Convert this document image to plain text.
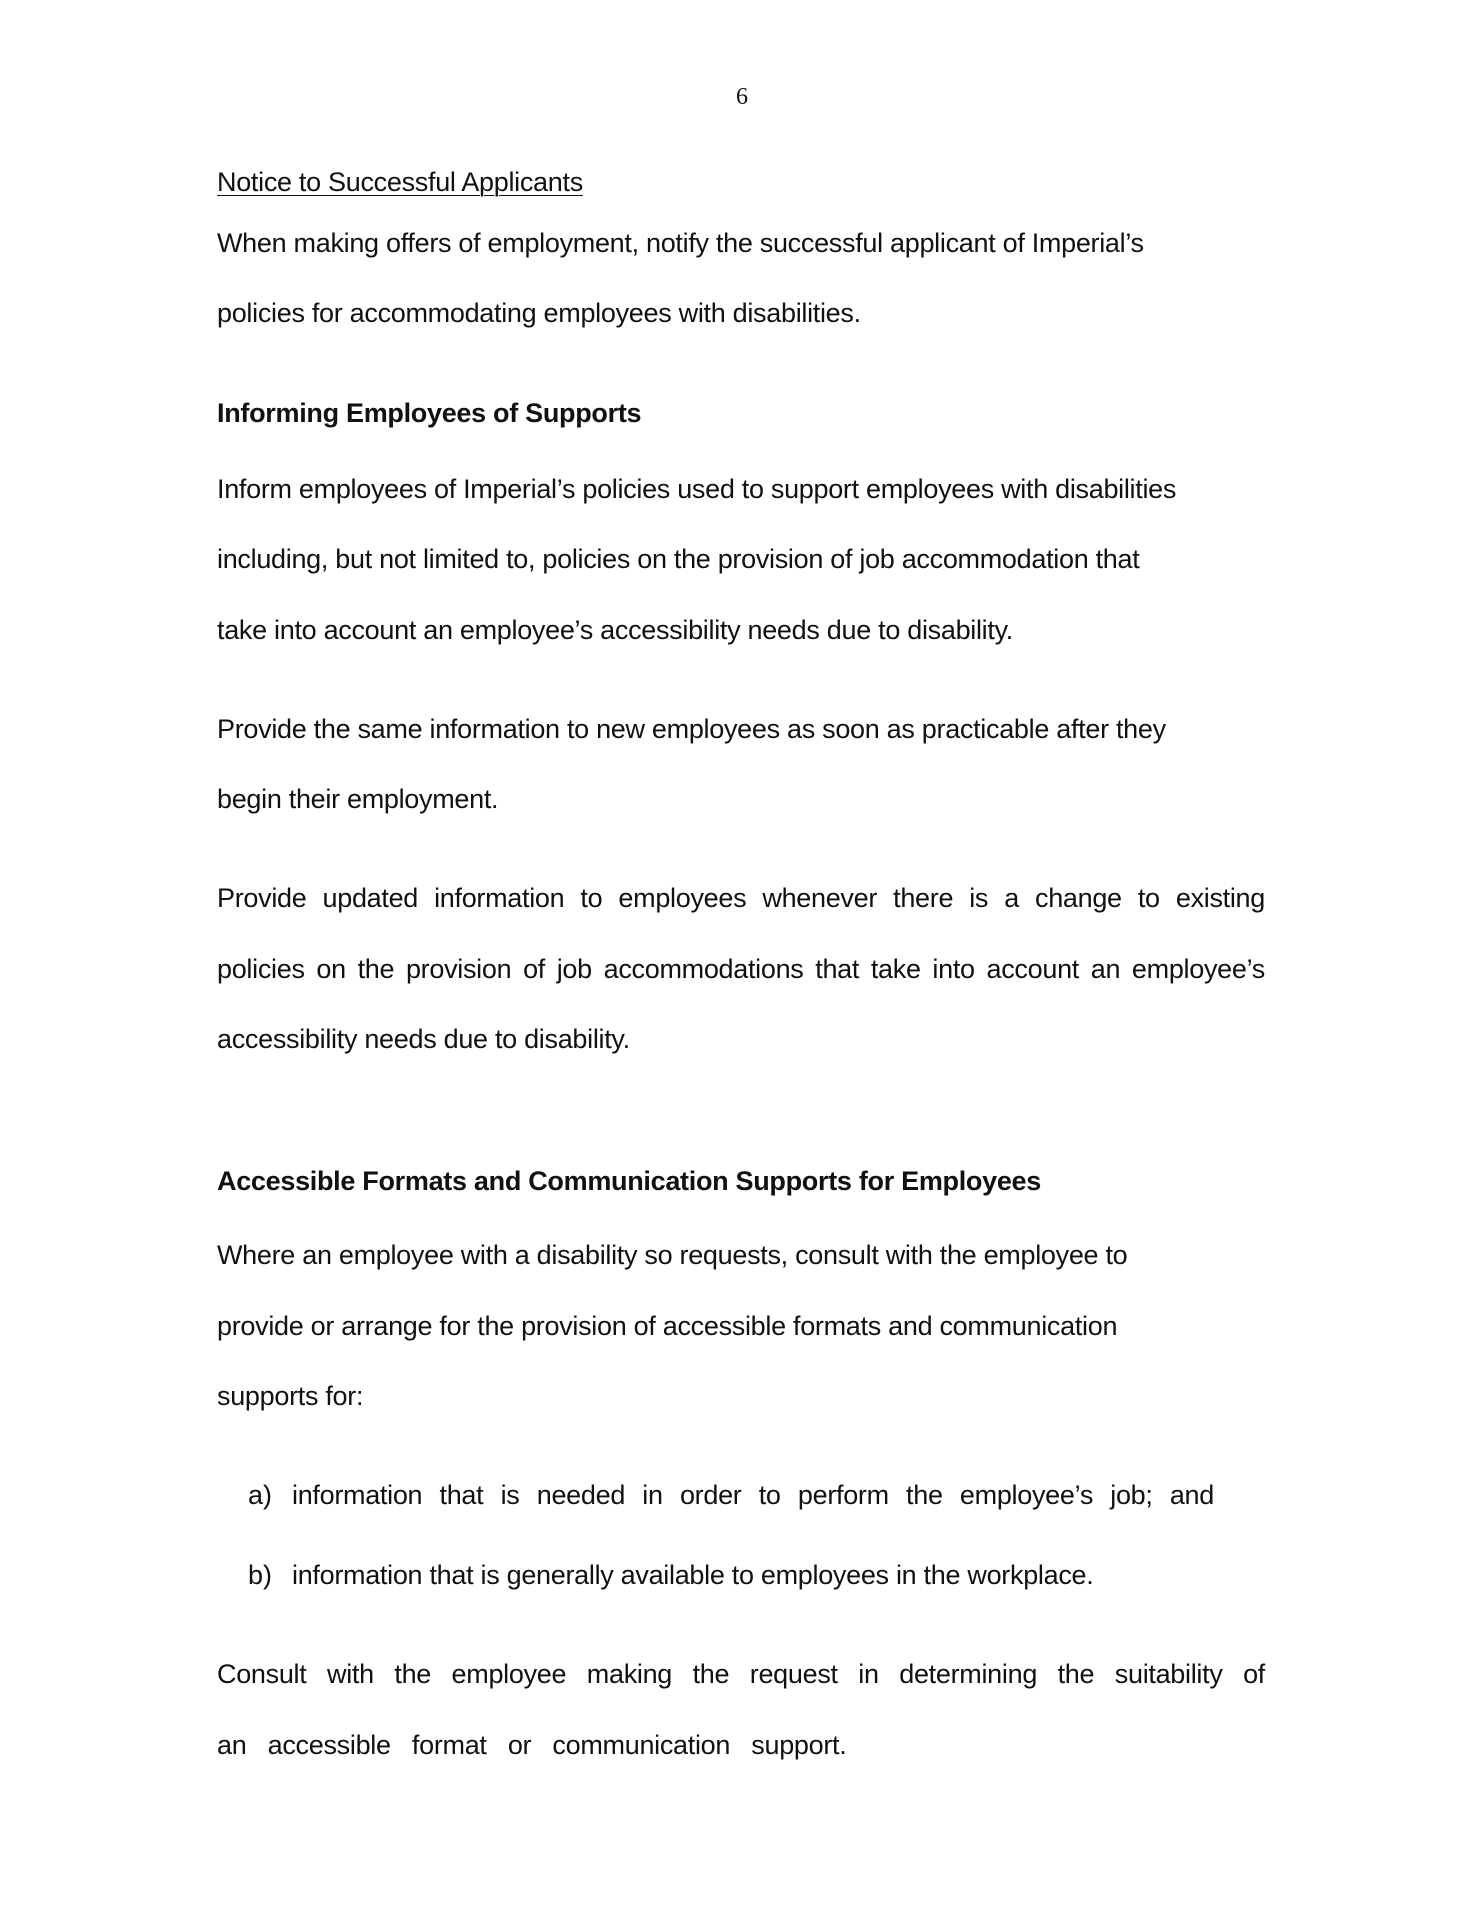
6
Notice to Successful Applicants
When making offers of employment, notify the successful applicant of Imperial’s
policies for accommodating employees with disabilities.
Informing Employees of Supports
Inform employees of Imperial’s policies used to support employees with disabilities
including, but not limited to, policies on the provision of job accommodation that
take into account an employee’s accessibility needs due to disability.
Provide the same information to new employees as soon as practicable after they
begin their employment.
Provide updated information to employees whenever there is a change to existing
policies on the provision of job accommodations that take into account an employee’s
accessibility needs due to disability.
Accessible Formats and Communication Supports for Employees
Where an employee with a disability so requests, consult with the employee to
provide or arrange for the provision of accessible formats and communication
supports for:
a) information that is needed in order to perform the employee’s job; and
b) information that is generally available to employees in the workplace.
Consult with the employee making the request in determining the suitability of
an accessible format or communication support.
